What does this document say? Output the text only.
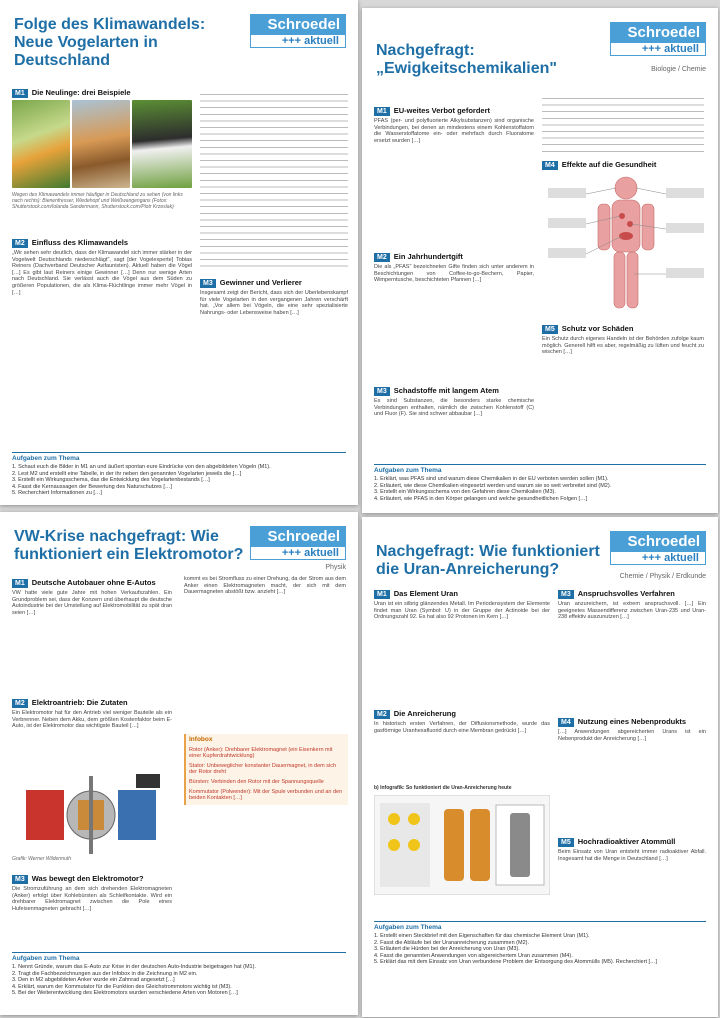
Folge des Klimawandels: Neue Vogelarten in Deutschland
Schroedel
+++ aktuell
M1 Die Neulinge: drei Beispiele
Wegen des Klimawandels immer häufiger in Deutschland zu sehen (von links nach rechts): Bienenfresser, Wiedehopf und Weißwangengans (Fotos: Shutterstock.com/Iolanda Sandermann, Shutterstock.com/Piotr Krzeslak)
M2 Einfluss des Klimawandels
„Wir sehen sehr deutlich, dass der Klimawandel sich immer stärker in der Vogelwelt Deutschlands niederschlägt", sagt [der Vogelexperte] Tobias Reiners (Dachverband Deutscher Avifaunisten). Aktuell haben die Vögel […] Es gibt laut Reiners einige Gewinner […] Denn nur wenige Arten nach Deutschland. Sie verlässt auch die Vögel aus dem Süden zu größeren Populationen, die als Klima-Flüchtlinge immer mehr Vögel in […]
M3 Gewinner und Verlierer
Insgesamt zeigt der Bericht, dass sich der Überlebenskampf für viele Vogelarten in den vergangenen Jahren verschärft hat. „Vor allem bei Vögeln, die eine sehr spezialisierte Nahrungs- oder Lebensweise haben […]
Aufgaben zum Thema
1. Schaut euch die Bilder in M1 an und äußert spontan eure Eindrücke von den abgebildeten Vögeln (M1).
2. Lest M2 und erstellt eine Tabelle, in der ihr neben den genannten Vogelarten jeweils die […]
3. Erstellt ein Wirkungsschema, das die Entwicklung des Vogelartenbestands […]
4. Fasst die Kernaussagen der Bewertung des Naturschutzes […]
5. Recherchiert Informationen zu […]
Nachgefragt: „Ewigkeitschemikalien"
Schroedel
+++ aktuell
Biologie / Chemie
M1 EU-weites Verbot gefordert
PFAS (per- und polyfluorierte Alkylsubstanzen) sind organische Verbindungen, bei denen an mindestens einem Kohlenstoffatom die Wasserstoffatome ein- oder mehrfach durch Fluoratome ersetzt wurden […]
M2 Ein Jahrhundertgift
Die als „PFAS" bezeichneten Gifte finden sich unter anderem in Beschichtungen von Coffee-to-go-Bechern, Papier, Wimperntusche, beschichteten Pfannen […]
M3 Schadstoffe mit langem Atem
Es sind Substanzen, die besonders starke chemische Verbindungen enthalten, nämlich die zwischen Kohlenstoff (C) und Fluor (F). Sie sind schwer abbaubar […]
M4 Effekte auf die Gesundheit
M5 Schutz vor Schäden
Ein Schutz durch eigenes Handeln ist der Behörden zufolge kaum möglich. Generell hilft es aber, regelmäßig zu lüften und feucht zu wischen […]
Aufgaben zum Thema
1. Erklärt, was PFAS sind und warum diese Chemikalien in der EU verboten werden sollen (M1).
2. Erläutert, wie diese Chemikalien eingesetzt werden und warum sie so weit verbreitet sind (M2).
3. Erstellt ein Wirkungsschema von den Gefahren diese Chemikalien (M3).
4. Erläutert, wie PFAS in den Körper gelangen und welche gesundheitlichen Folgen […]
VW-Krise nachgefragt: Wie funktioniert ein Elektromotor?
Schroedel
+++ aktuell
Physik
M1 Deutsche Autobauer ohne E-Autos
VW hatte viele gute Jahre mit hohen Verkaufszahlen. Ein Grundproblem sei, dass der Konzern und überhaupt die deutsche Autoindustrie bei der Umstellung auf Elektromobilität zu spät dran seien […]
M2 Elektroantrieb: Die Zutaten
Ein Elektromotor hat für den Antrieb viel weniger Bauteile als ein Verbrenner. Neben dem Akku, dem größten Kostenfaktor beim E-Auto, ist der Elektromotor das wichtigste Bauteil […]
Grafik: Werner Wildermuth
M3 Was bewegt den Elektromotor?
Die Stromzuführung an dem sich drehenden Elektromagneten (Anker) erfolgt über Kohlebürsten als Schleifkontakte. Wird ein drehbarer Elektromagnet zwischen die Pole eines Hufeisenmagneten gebracht […]
kommt es bei Stromfluss zu einer Drehung, da der Strom aus dem Anker einen Elektromagneten macht, der sich mit dem Dauermagneten abstößt bzw. anzieht […]
Infobox
Rotor (Anker): Drehbarer Elektromagnet (ein Eisenkern mit einer Kupferdrahtwicklung)
Stator: Unbeweglicher konstanter Dauermagnet, in dem sich der Rotor dreht
Bürsten: Verbinden den Rotor mit der Spannungsquelle
Kommutator (Polwender): Mit der Spule verbunden und an den beiden Kontakten […]
Aufgaben zum Thema
1. Nennt Gründe, warum das E-Auto zur Krise in der deutschen Auto-Industrie beigetragen hat (M1).
2. Tragt die Fachbezeichnungen aus der Infobox in die Zeichnung in M2 ein.
3. Den in M2 abgebildeten Anker wurde ein Zahnrad angesetzt […]
4. Erklärt, warum der Kommutator für die Funktion des Gleichstrommotors wichtig ist (M3).
5. Bei der Weiterentwicklung des Elektromotors wurden verschiedene Arten von Motoren […]
Nachgefragt: Wie funktioniert die Uran-Anreicherung?
Schroedel
+++ aktuell
Chemie / Physik / Erdkunde
M1 Das Element Uran
Uran ist ein silbrig glänzendes Metall. Im Periodensystem der Elemente findet man Uran (Symbol: U) in der Gruppe der Actinoide bei der Ordnungszahl 92. Es hat also 92 Protonen im Kern […]
M2 Die Anreicherung
In historisch ersten Verfahren, der Diffusionsmethode, wurde das gasförmige Uranhexafluorid durch eine Membran gedrückt […]
b) Infografik: So funktioniert die Uran-Anreicherung heute
M3 Anspruchsvolles Verfahren
Uran anzureichern, ist extrem anspruchsvoll. […] Ein geeignetes Massendifferenz zwischen Uran-235 und Uran-238 effektiv auszunutzen […]
M4 Nutzung eines Nebenprodukts
[…] Anwendungen abgereicherten Urans ist ein Nebenprodukt der Anreicherung […]
M5 Hochradioaktiver Atommüll
Beim Einsatz von Uran entsteht immer radioaktiver Abfall. Insgesamt hat die Menge in Deutschland […]
Aufgaben zum Thema
1. Erstellt einen Steckbrief mit den Eigenschaften für das chemische Element Uran (M1).
2. Fasst die Abläufe bei der Urananreicherung zusammen (M2).
3. Erläutert die Hürden bei der Anreicherung von Uran (M3).
4. Fasst die genannten Anwendungen von abgereichertem Uran zusammen (M4).
5. Erklärt das mit dem Einsatz von Uran verbundene Problem der Entsorgung des Atommülls (M5). Recherchiert […]
